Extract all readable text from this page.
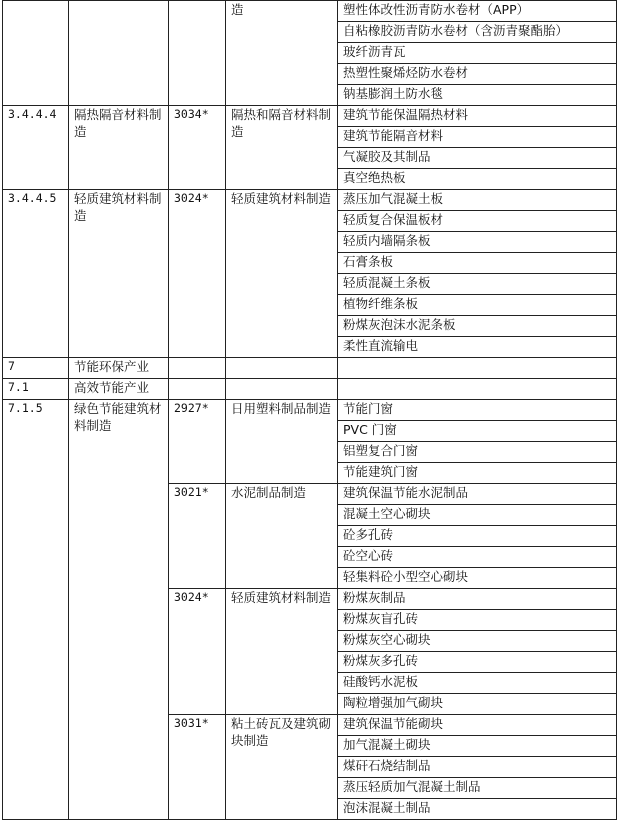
			造	塑性体改性沥青防水卷材（APP）
				自粘橡胶沥青防水卷材（含沥青聚酯胎）
				玻纤沥青瓦
				热塑性聚烯烃防水卷材
				钠基膨润土防水毯
3.4.4.4	隔热隔音材料制造	3034*	隔热和隔音材料制造	建筑节能保温隔热材料
				建筑节能隔音材料
				气凝胶及其制品
				真空绝热板
3.4.4.5	轻质建筑材料制造	3024*	轻质建筑材料制造	蒸压加气混凝土板
				轻质复合保温板材
				轻质内墙隔条板
				石膏条板
				轻质混凝土条板
				植物纤维条板
				粉煤灰泡沫水泥条板
				柔性直流输电
7	节能环保产业			
7.1	高效节能产业			
7.1.5	绿色节能建筑材料制造	2927*	日用塑料制品制造	节能门窗
				PVC 门窗
				铝塑复合门窗
				节能建筑门窗
		3021*	水泥制品制造	建筑保温节能水泥制品
				混凝土空心砌块
				砼多孔砖
				砼空心砖
				轻集料砼小型空心砌块
		3024*	轻质建筑材料制造	粉煤灰制品
				粉煤灰盲孔砖
				粉煤灰空心砌块
				粉煤灰多孔砖
				硅酸钙水泥板
				陶粒增强加气砌块
		3031*	粘土砖瓦及建筑砌块制造	建筑保温节能砌块
				加气混凝土砌块
				煤矸石烧结制品
				蒸压轻质加气混凝土制品
				泡沫混凝土制品
